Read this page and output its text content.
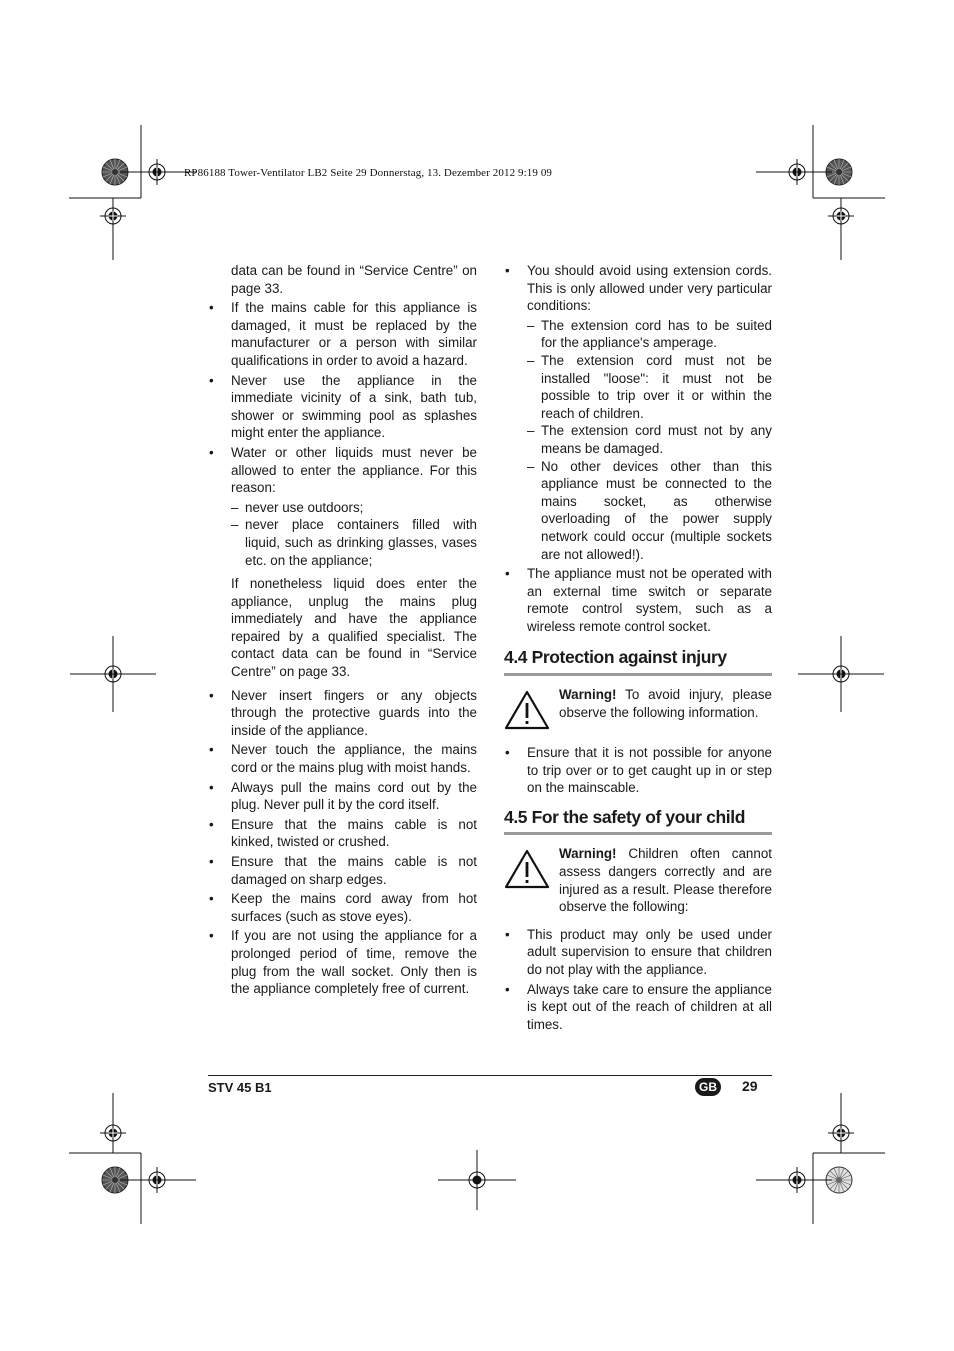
RP86188 Tower-Ventilator LB2 Seite 29 Donnerstag, 13. Dezember 2012 9:19 09
data can be found in “Service Centre” on page 33.
• If the mains cable for this appliance is damaged, it must be replaced by the manufacturer or a person with similar qualifications in order to avoid a hazard.
• Never use the appliance in the immediate vicinity of a sink, bath tub, shower or swimming pool as splashes might enter the appliance.
• Water or other liquids must never be allowed to enter the appliance. For this reason:
– never use outdoors;
– never place containers filled with liquid, such as drinking glasses, vases etc. on the appliance;
If nonetheless liquid does enter the appliance, unplug the mains plug immediately and have the appliance repaired by a qualified specialist. The contact data can be found in “Service Centre” on page 33.
• Never insert fingers or any objects through the protective guards into the inside of the appliance.
• Never touch the appliance, the mains cord or the mains plug with moist hands.
• Always pull the mains cord out by the plug. Never pull it by the cord itself.
• Ensure that the mains cable is not kinked, twisted or crushed.
• Ensure that the mains cable is not damaged on sharp edges.
• Keep the mains cord away from hot surfaces (such as stove eyes).
• If you are not using the appliance for a prolonged period of time, remove the plug from the wall socket. Only then is the appliance completely free of current.
• You should avoid using extension cords. This is only allowed under very particular conditions:
– The extension cord has to be suited for the appliance's amperage.
– The extension cord must not be installed "loose": it must not be possible to trip over it or within the reach of children.
– The extension cord must not by any means be damaged.
– No other devices other than this appliance must be connected to the mains socket, as otherwise overloading of the power supply network could occur (multiple sockets are not allowed!).
• The appliance must not be operated with an external time switch or separate remote control system, such as a wireless remote control socket.
4.4 Protection against injury
Warning! To avoid injury, please observe the following information.
• Ensure that it is not possible for anyone to trip over or to get caught up in or step on the mainscable.
4.5 For the safety of your child
Warning! Children often cannot assess dangers correctly and are injured as a result. Please therefore observe the following:
• This product may only be used under adult supervision to ensure that children do not play with the appliance.
• Always take care to ensure the appliance is kept out of the reach of children at all times.
STV 45 B1	GB 29
